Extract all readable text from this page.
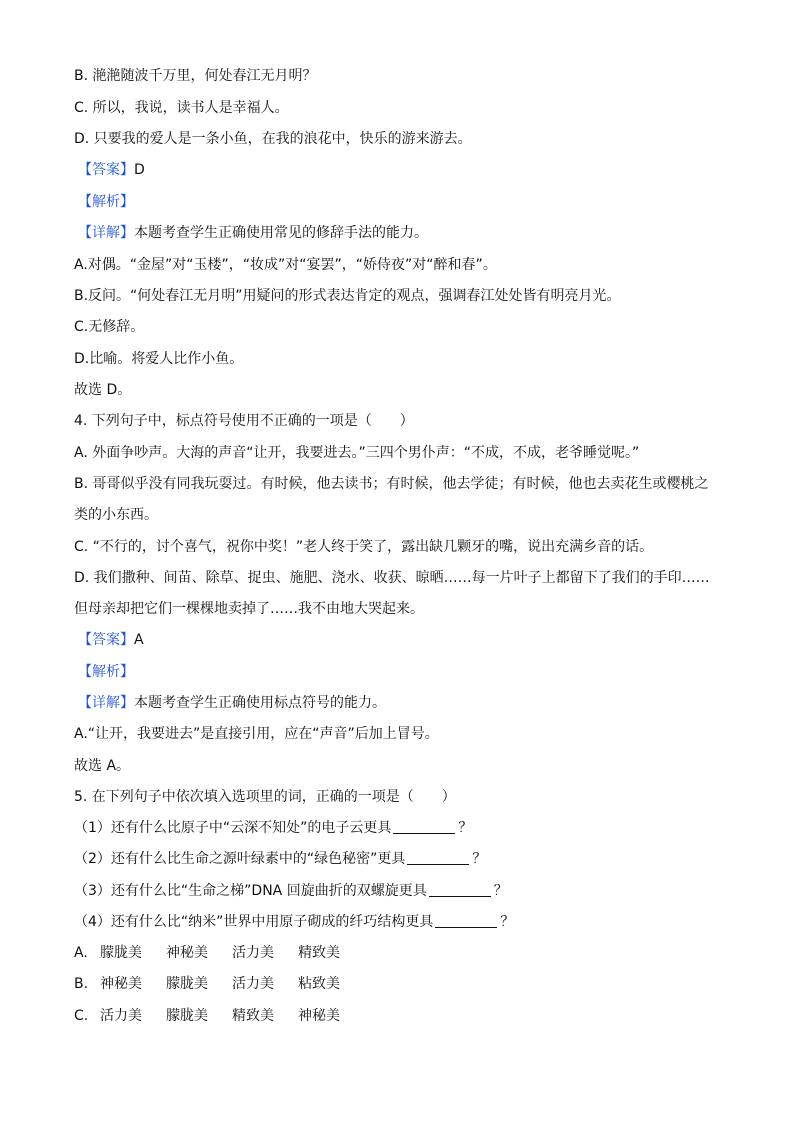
B. 滟滟随波千万里，何处春江无月明？
C. 所以，我说，读书人是幸福人。
D. 只要我的爱人是一条小鱼，在我的浪花中，快乐的游来游去。
【答案】D
【解析】
【详解】本题考查学生正确使用常见的修辞手法的能力。
A.对偶。“金屋”对“玉楼”，“妆成”对“宴罢”，“娇侍夜”对“醉和春”。
B.反问。“何处春江无月明”用疑问的形式表达肯定的观点，强调春江处处皆有明亮月光。
C.无修辞。
D.比喻。将爱人比作小鱼。
故选 D。
4. 下列句子中，标点符号使用不正确的一项是（　　）
A. 外面争吵声。大海的声音“让开，我要进去。”三四个男仆声：“不成，不成，老爷睡觉呢。”
B. 哥哥似乎没有同我玩耍过。有时候，他去读书；有时候，他去学徒；有时候，他也去卖花生或樱桃之
类的小东西。
C. “不行的，讨个喜气，祝你中奖！”老人终于笑了，露出缺几颗牙的嘴，说出充满乡音的话。
D. 我们撒种、间苗、除草、捉虫、施肥、浇水、收获、晾晒……每一片叶子上都留下了我们的手印……
但母亲却把它们一棵棵地卖掉了……我不由地大哭起来。
【答案】A
【解析】
【详解】本题考查学生正确使用标点符号的能力。
A.“让开，我要进去”是直接引用，应在“声音”后加上冒号。
故选 A。
5. 在下列句子中依次填入选项里的词，正确的一项是（　　）
（1）还有什么比原子中“云深不知处”的电子云更具	？
（2）还有什么比生命之源叶绿素中的“绿色秘密”更具	？
（3）还有什么比“生命之梯”DNA 回旋曲折的双螺旋更具	？
（4）还有什么比“纳米”世界中用原子砌成的纤巧结构更具	？
A. 朦胧美 神秘美 活力美 精致美
B. 神秘美 朦胧美 活力美 粘致美
C. 活力美 朦胧美 精致美 神秘美
